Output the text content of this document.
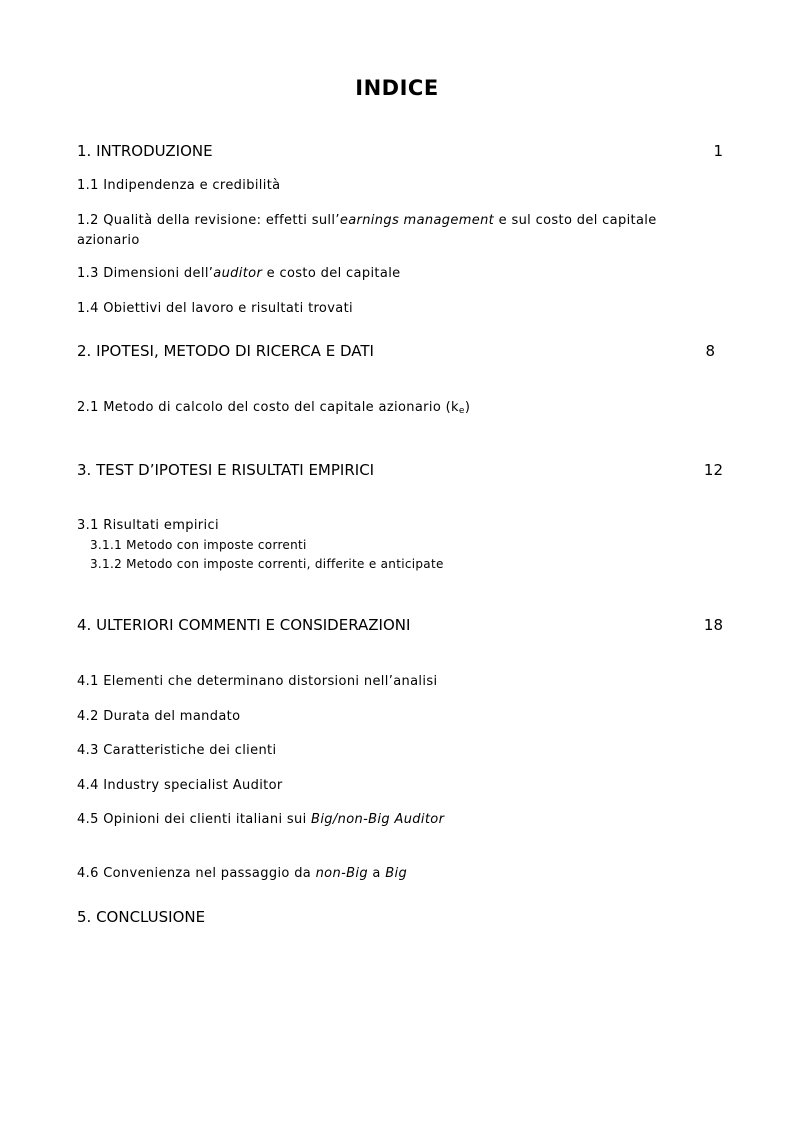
INDICE
1. INTRODUZIONE	1
1.1 Indipendenza e credibilità
1.2 Qualità della revisione: effetti sull’earnings management e sul costo del capitale azionario
1.3 Dimensioni dell’auditor e costo del capitale
1.4 Obiettivi del lavoro e risultati trovati
2. IPOTESI, METODO DI RICERCA E DATI	8
2.1 Metodo di calcolo del costo del capitale azionario $(k_e)$
3. TEST D’IPOTESI E RISULTATI EMPIRICI	12
3.1 Risultati empirici
3.1.1 Metodo con imposte correnti
3.1.2 Metodo con imposte correnti, differite e anticipate
4. ULTERIORI COMMENTI E CONSIDERAZIONI	18
4.1 Elementi che determinano distorsioni nell’analisi
4.2 Durata del mandato
4.3 Caratteristiche dei clienti
4.4 Industry specialist Auditor
4.5 Opinioni dei clienti italiani sui Big/non-Big Auditor
4.6 Convenienza nel passaggio da non-Big a Big
5. CONCLUSIONE
